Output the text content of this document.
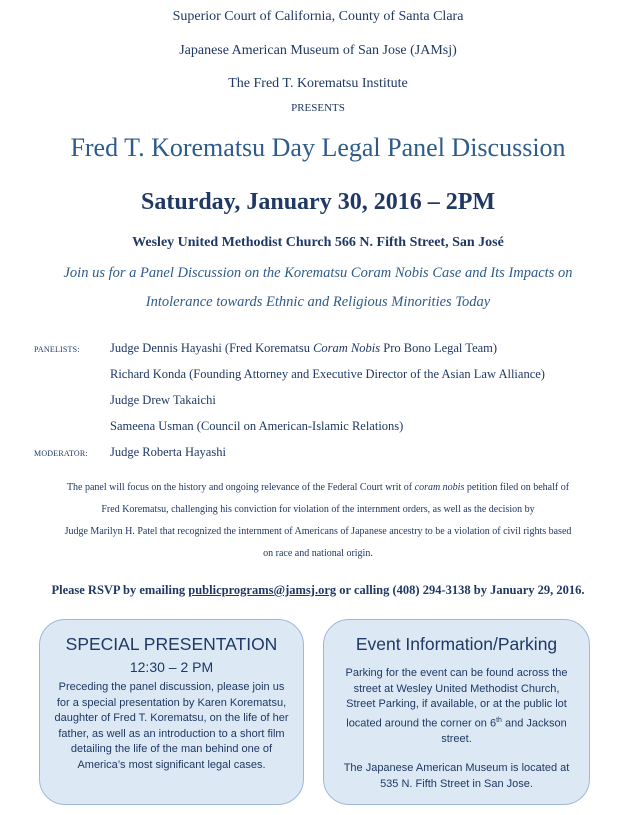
Superior Court of California, County of Santa Clara

Japanese American Museum of San Jose (JAMsj)

The Fred T. Korematsu Institute

PRESENTS
Fred T. Korematsu Day Legal Panel Discussion
Saturday, January 30, 2016 – 2PM
Wesley United Methodist Church 566 N. Fifth Street, San José
Join us for a Panel Discussion on the Korematsu Coram Nobis Case and Its Impacts on
Intolerance towards Ethnic and Religious Minorities Today
PANELISTS: Judge Dennis Hayashi (Fred Korematsu Coram Nobis Pro Bono Legal Team)
Richard Konda (Founding Attorney and Executive Director of the Asian Law Alliance)
Judge Drew Takaichi
Sameena Usman (Council on American-Islamic Relations)
MODERATOR: Judge Roberta Hayashi
The panel will focus on the history and ongoing relevance of the Federal Court writ of coram nobis petition filed on behalf of
Fred Korematsu, challenging his conviction for violation of the internment orders, as well as the decision by
Judge Marilyn H. Patel that recognized the internment of Americans of Japanese ancestry to be a violation of civil rights based
on race and national origin.
Please RSVP by emailing publicprograms@jamsj.org or calling (408) 294-3138 by January 29, 2016.
SPECIAL PRESENTATION
12:30 – 2 PM
Preceding the panel discussion, please join us for a special presentation by Karen Korematsu, daughter of Fred T. Korematsu, on the life of her father, as well as an introduction to a short film detailing the life of the man behind one of America’s most significant legal cases.
Event Information/Parking
Parking for the event can be found across the street at Wesley United Methodist Church, Street Parking, if available, or at the public lot located around the corner on 6th and Jackson street.
The Japanese American Museum is located at 535 N. Fifth Street in San Jose.
